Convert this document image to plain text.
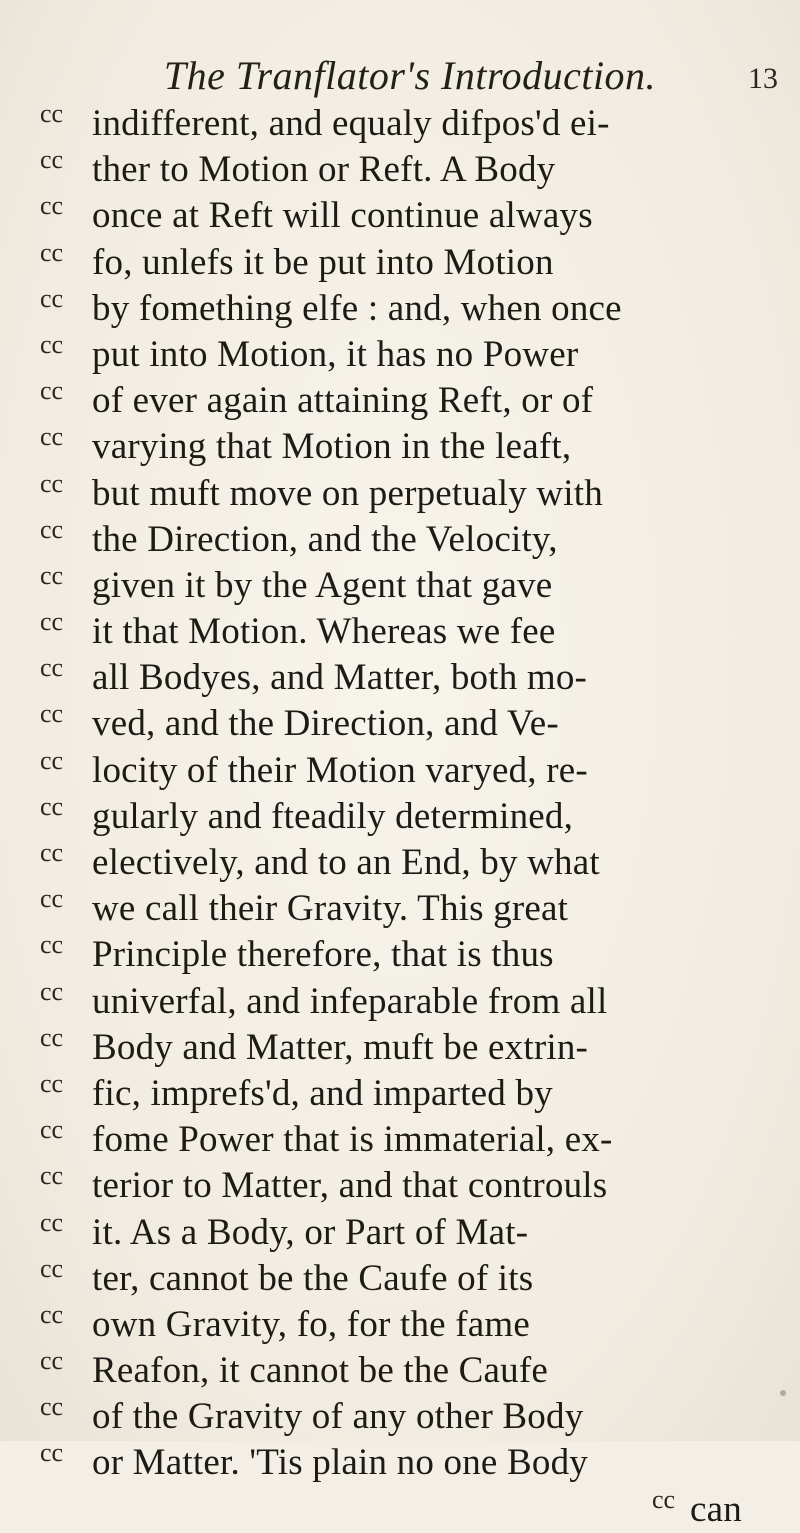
The Tranflator's Introduction.	13
cc indifferent, and equaly difpos'd ei-
cc ther to Motion or Reft. A Body
cc once at Reft will continue always
cc fo, unlefs it be put into Motion
cc by fomething elfe : and, when once
cc put into Motion, it has no Power
cc of ever again attaining Reft, or of
cc varying that Motion in the leaft,
cc but muft move on perpetualy with
cc the Direction, and the Velocity,
cc given it by the Agent that gave
cc it that Motion. Whereas we fee
cc all Bodyes, and Matter, both mo-
cc ved, and the Direction, and Ve-
cc locity of their Motion varyed, re-
cc gularly and fteadily determined,
cc electively, and to an End, by what
cc we call their Gravity. This great
cc Principle therefore, that is thus
cc univerfal, and infeparable from all
cc Body and Matter, muft be extrin-
cc fic, imprefs'd, and imparted by
cc fome Power that is immaterial, ex-
cc terior to Matter, and that controuls
cc it. As a Body, or Part of Mat-
cc ter, cannot be the Caufe of its
cc own Gravity, fo, for the fame
cc Reafon, it cannot be the Caufe
cc of the Gravity of any other Body
cc or Matter. 'Tis plain no one Body
cc can
